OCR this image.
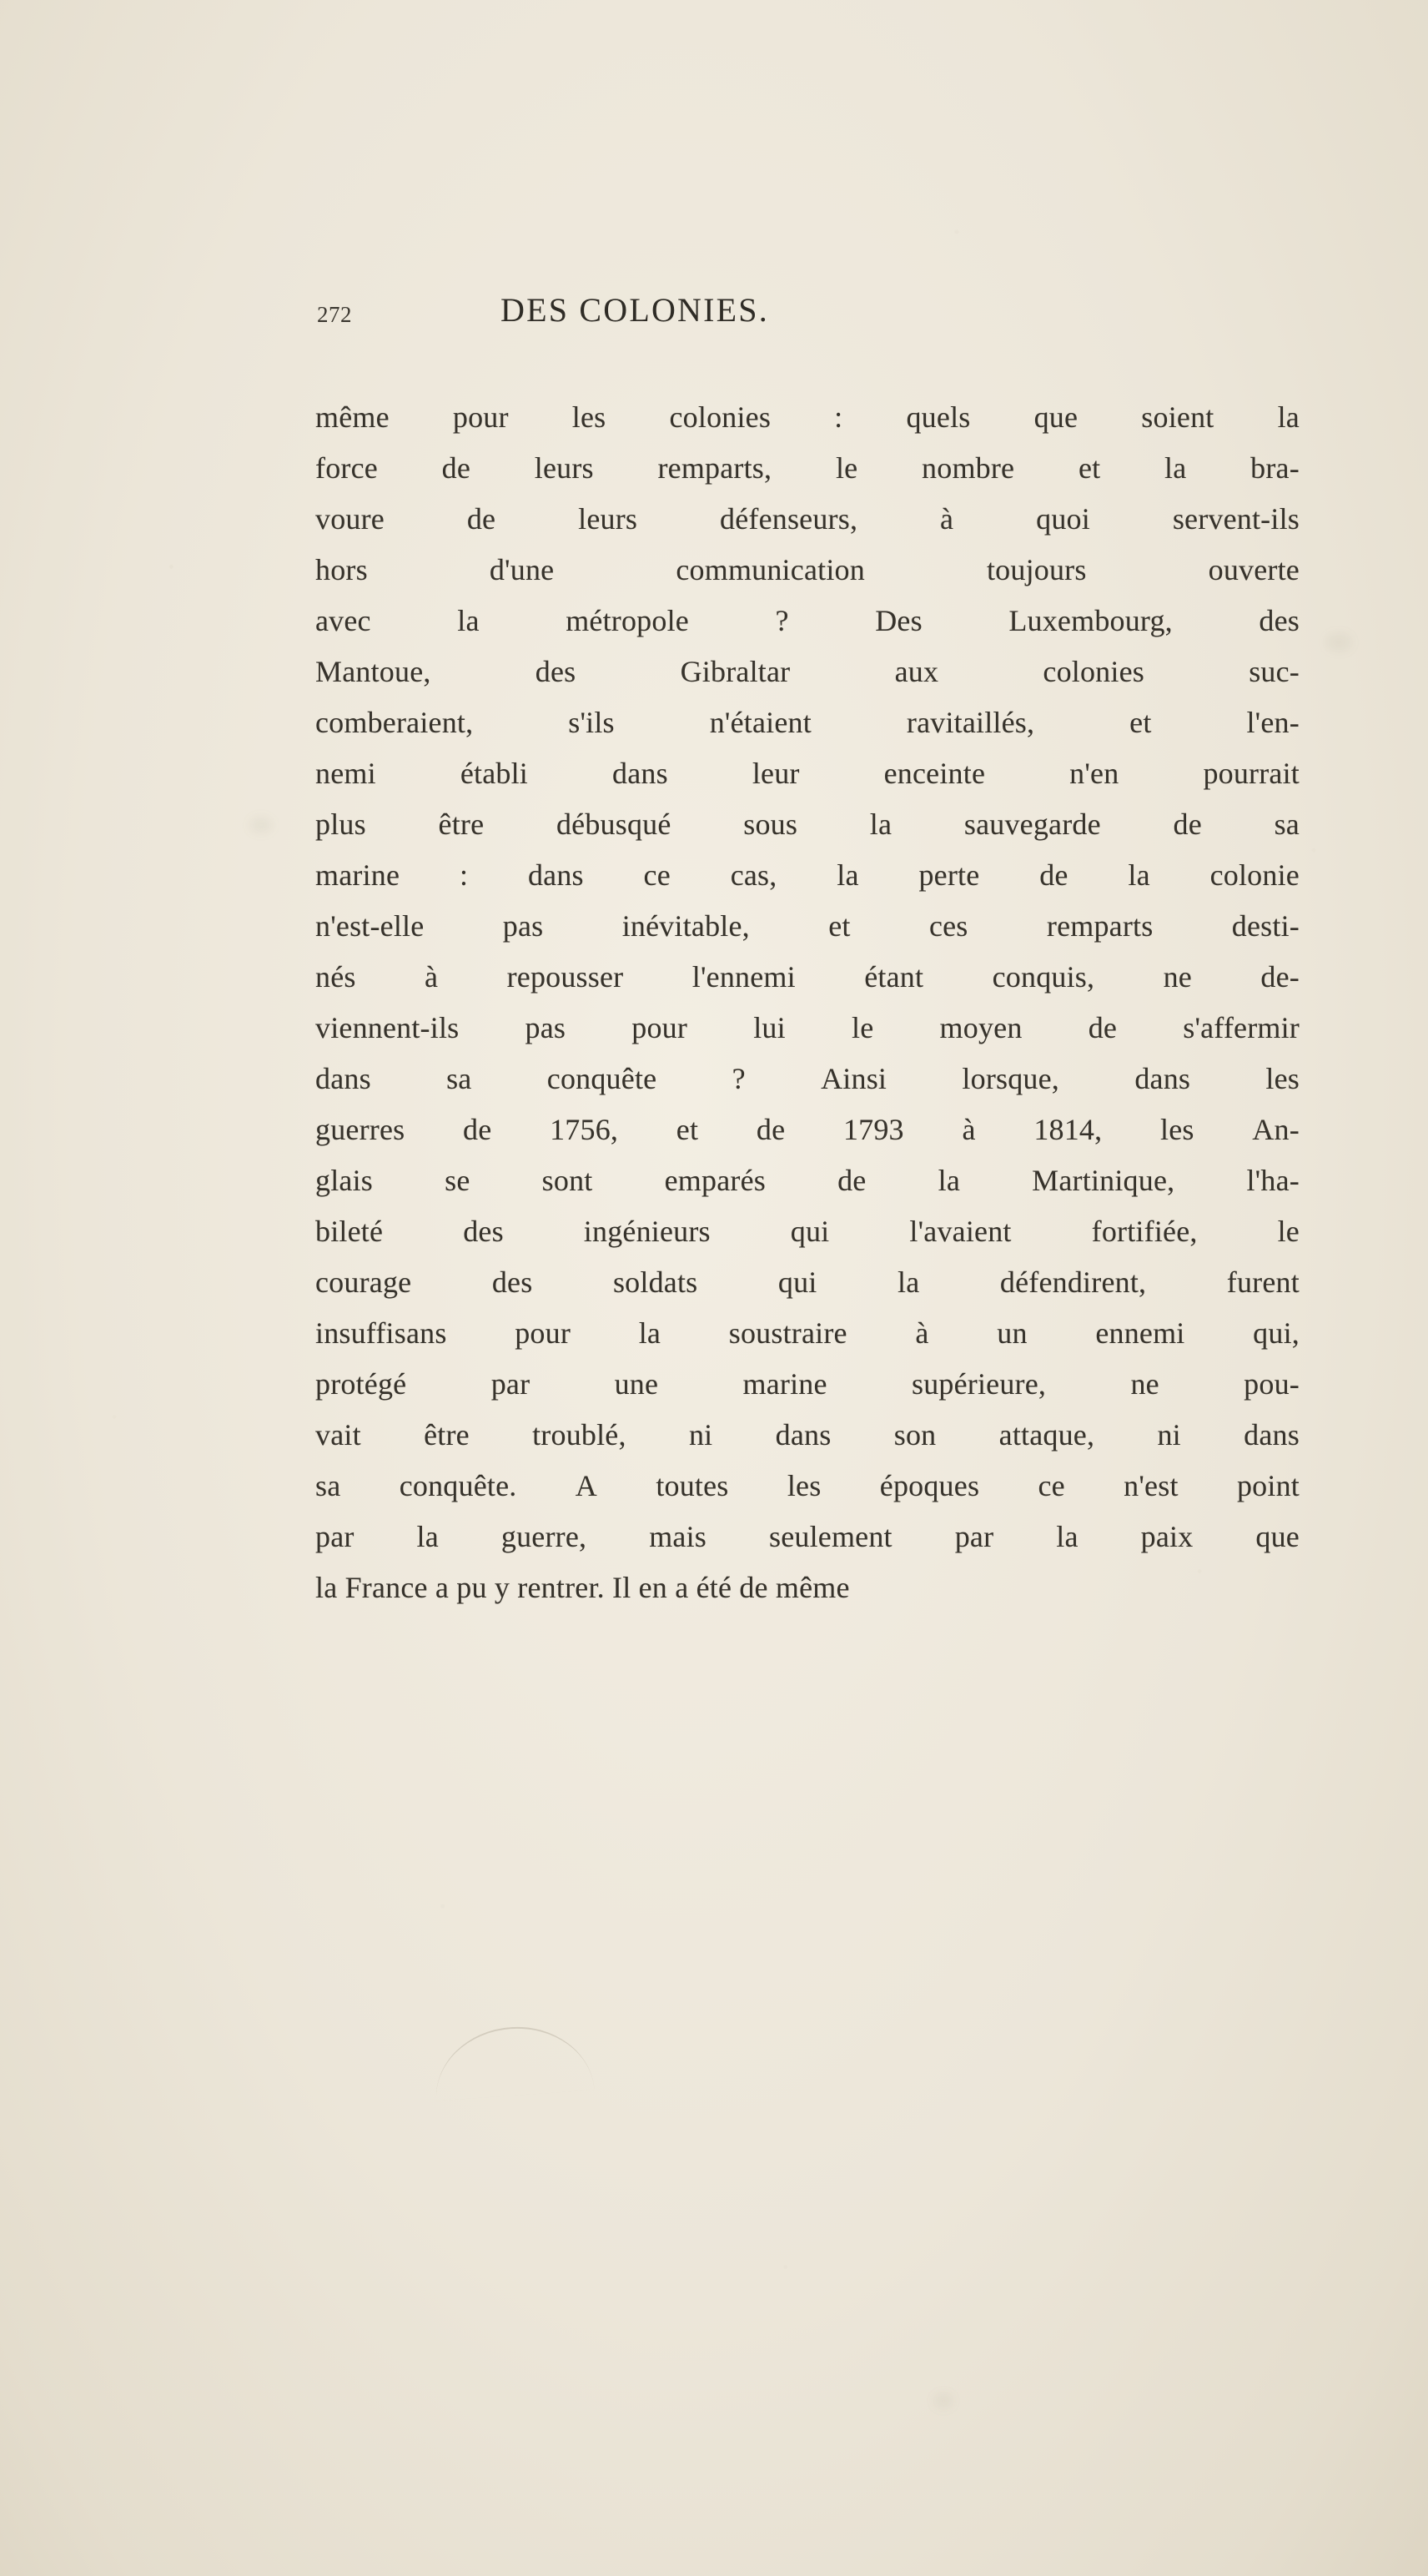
272	DES COLONIES.
même pour les colonies : quels que soient la
force de leurs remparts, le nombre et la bra-
voure	de	leurs	défenseurs,	à	quoi	servent-ils
hors	d'une	communication	toujours	ouverte
avec	la	métropole	?	Des	Luxembourg,	des
Mantoue,	des	Gibraltar	aux	colonies	suc-
comberaient,	s'ils	n'étaient	ravitaillés,	et	l'en-
nemi	établi	dans	leur	enceinte	n'en	pourrait
plus être débusqué sous la sauvegarde de sa
marine : dans ce cas, la perte de la colonie
n'est-elle	pas	inévitable,	et	ces	remparts	desti-
nés à repousser l'ennemi étant conquis, ne de-
viennent-ils pas pour lui le moyen de s'affermir
dans	sa	conquête	?	Ainsi	lorsque,	dans	les
guerres de 1756, et de 1793 à 1814, les An-
glais se sont emparés de la Martinique, l'ha-
bileté	des	ingénieurs	qui	l'avaient	fortifiée,	le
courage	des	soldats	qui	la	défendirent,	furent
insuffisans pour la soustraire à un ennemi qui,
protégé	par	une	marine	supérieure,	ne	pou-
vait être troublé, ni dans son attaque, ni dans
sa conquête. A toutes les époques ce n'est point
par la guerre, mais seulement par la paix que
la France a pu y rentrer. Il en a été de même
